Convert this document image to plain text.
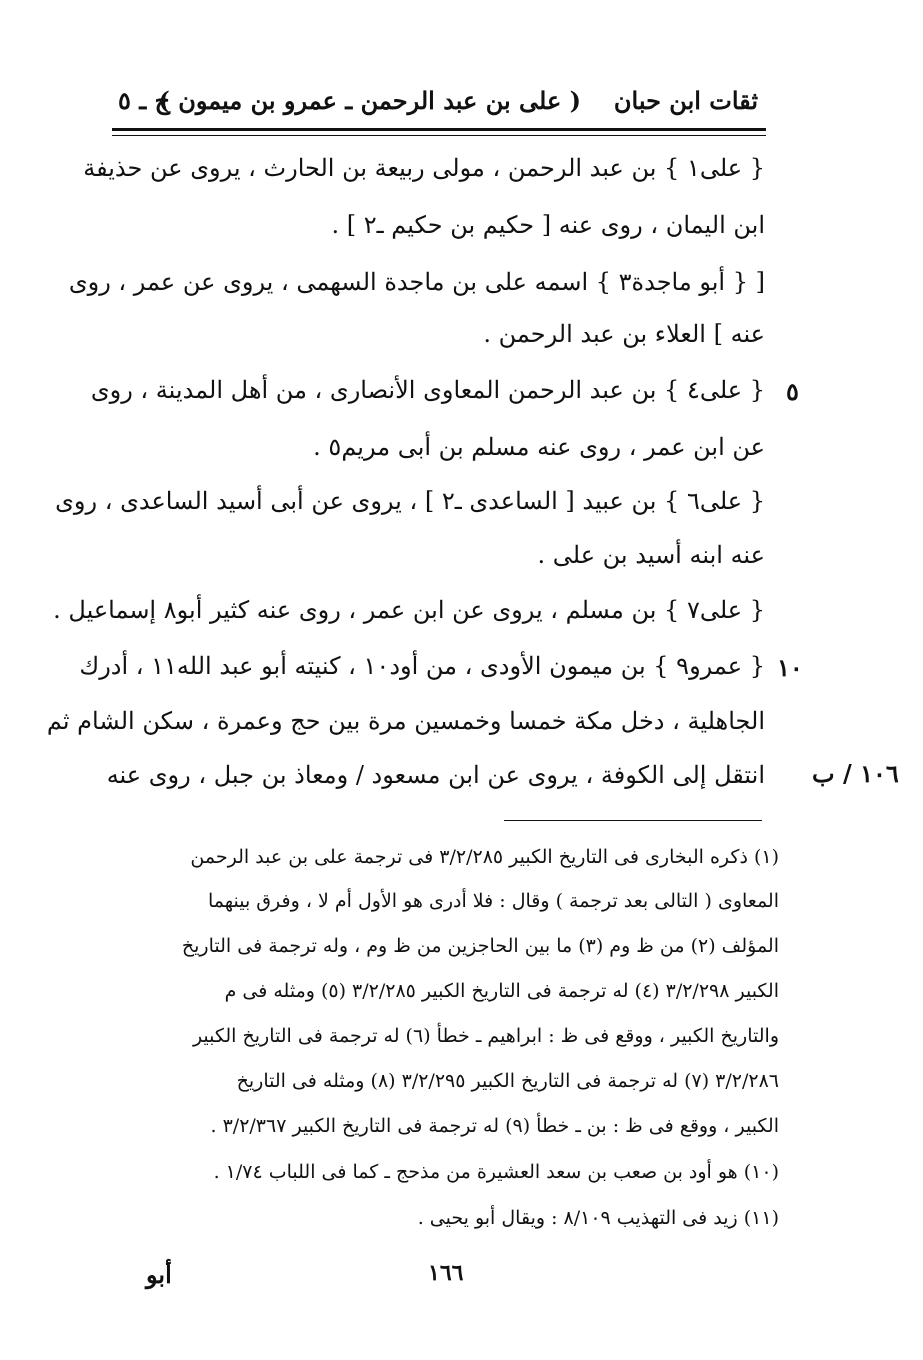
ثقات ابن حبان
( على بن عبد الرحمن ـ عمرو بن ميمون )
ج ـ ٥
{ على١ } بن عبد الرحمن ، مولى ربيعة بن الحارث ، يروى عن حذيفة
ابن اليمان ، روى عنه [ حكيم بن حكيم ـ٢ ] .
[ { أبو ماجدة٣ } اسمه على بن ماجدة السهمى ، يروى عن عمر ، روى
عنه ] العلاء بن عبد الرحمن .
{ على٤ } بن عبد الرحمن المعاوى الأنصارى ، من أهل المدينة ، روى
عن ابن عمر ، روى عنه مسلم بن أبى مريم٥ .
{ على٦ } بن عبيد [ الساعدى ـ٢ ] ، يروى عن أبى أسيد الساعدى ، روى
عنه ابنه أسيد بن على .
{ على٧ } بن مسلم ، يروى عن ابن عمر ، روى عنه كثير أبو٨ إسماعيل .
{ عمرو٩ } بن ميمون الأودى ، من أود١٠ ، كنيته أبو عبد الله١١ ، أدرك
الجاهلية ، دخل مكة خمسا وخمسين مرة بين حج وعمرة ، سكن الشام ثم
انتقل إلى الكوفة ، يروى عن ابن مسعود / ومعاذ بن جبل ، روى عنه
٥
١٠
١٠٦ / ب
(١) ذكره البخارى فى التاريخ الكبير ٣/٢/٢٨٥ فى ترجمة على بن عبد الرحمن
المعاوى ( التالى بعد ترجمة ) وقال : فلا أدرى هو الأول أم لا ، وفرق بينهما
المؤلف (٢) من ظ وم (٣) ما بين الحاجزين من ظ وم ، وله ترجمة فى التاريخ
الكبير ٣/٢/٢٩٨ (٤) له ترجمة فى التاريخ الكبير ٣/٢/٢٨٥ (٥) ومثله فى م
والتاريخ الكبير ، ووقع فى ظ : ابراهيم ـ خطأ (٦) له ترجمة فى التاريخ الكبير
٣/٢/٢٨٦ (٧) له ترجمة فى التاريخ الكبير ٣/٢/٢٩٥ (٨) ومثله فى التاريخ
الكبير ، ووقع فى ظ : بن ـ خطأ (٩) له ترجمة فى التاريخ الكبير ٣/٢/٣٦٧ .
(١٠) هو أود بن صعب بن سعد العشيرة من مذحج ـ كما فى اللباب ١/٧٤ .
(١١) زيد فى التهذيب ٨/١٠٩ : ويقال أبو يحيى .
١٦٦
أبو
